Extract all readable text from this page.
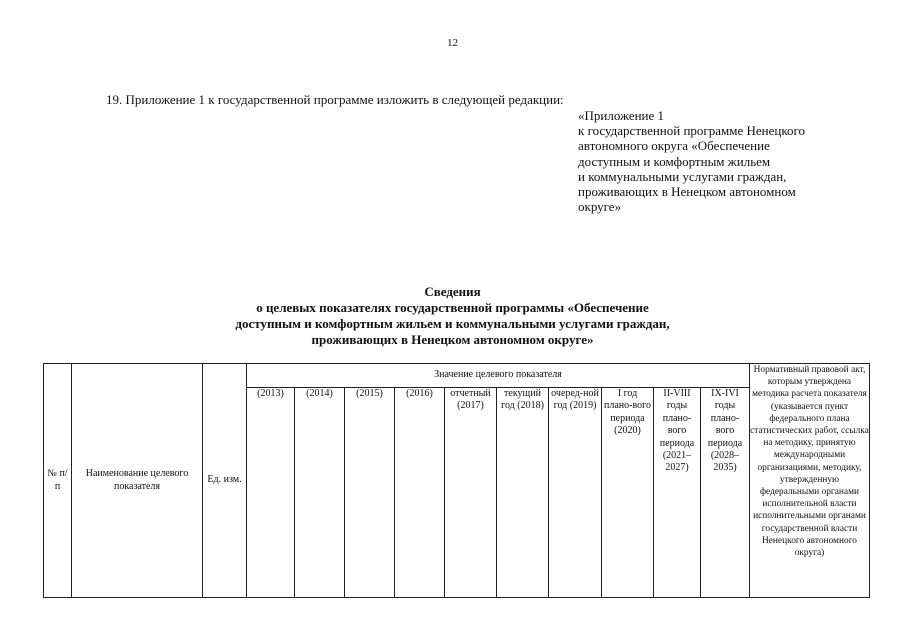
12
19. Приложение 1 к государственной программе изложить в следующей редакции:
«Приложение 1
к государственной программе Ненецкого
автономного округа «Обеспечение
доступным и комфортным жильем
и коммунальными услугами граждан,
проживающих в Ненецком автономном
округе»
Сведения
о целевых показателях государственной программы «Обеспечение
доступным и комфортным жильем и коммунальными услугами граждан,
проживающих в Ненецком автономном округе»
№ п/п	Наименование целевого показателя	Ед. изм.	Значение целевого показателя										Нормативный правовой акт, которым утверждена методика расчета показателя (указывается пункт федерального плана статистических работ, ссылка на методику, принятую международными организациями, методику, утвержденную федеральными органами исполнительной власти исполнительными органами государственной власти Ненецкого автономного округа)
			(2013)	(2014)	(2015)	(2016)	отчетный (2017)	текущий год (2018)	очеред-ной год (2019)	I год плано-вого периода (2020)	II-VIII годы плано-вого периода (2021–2027)	IX-IVI годы плано-вого периода (2028–2035)	
